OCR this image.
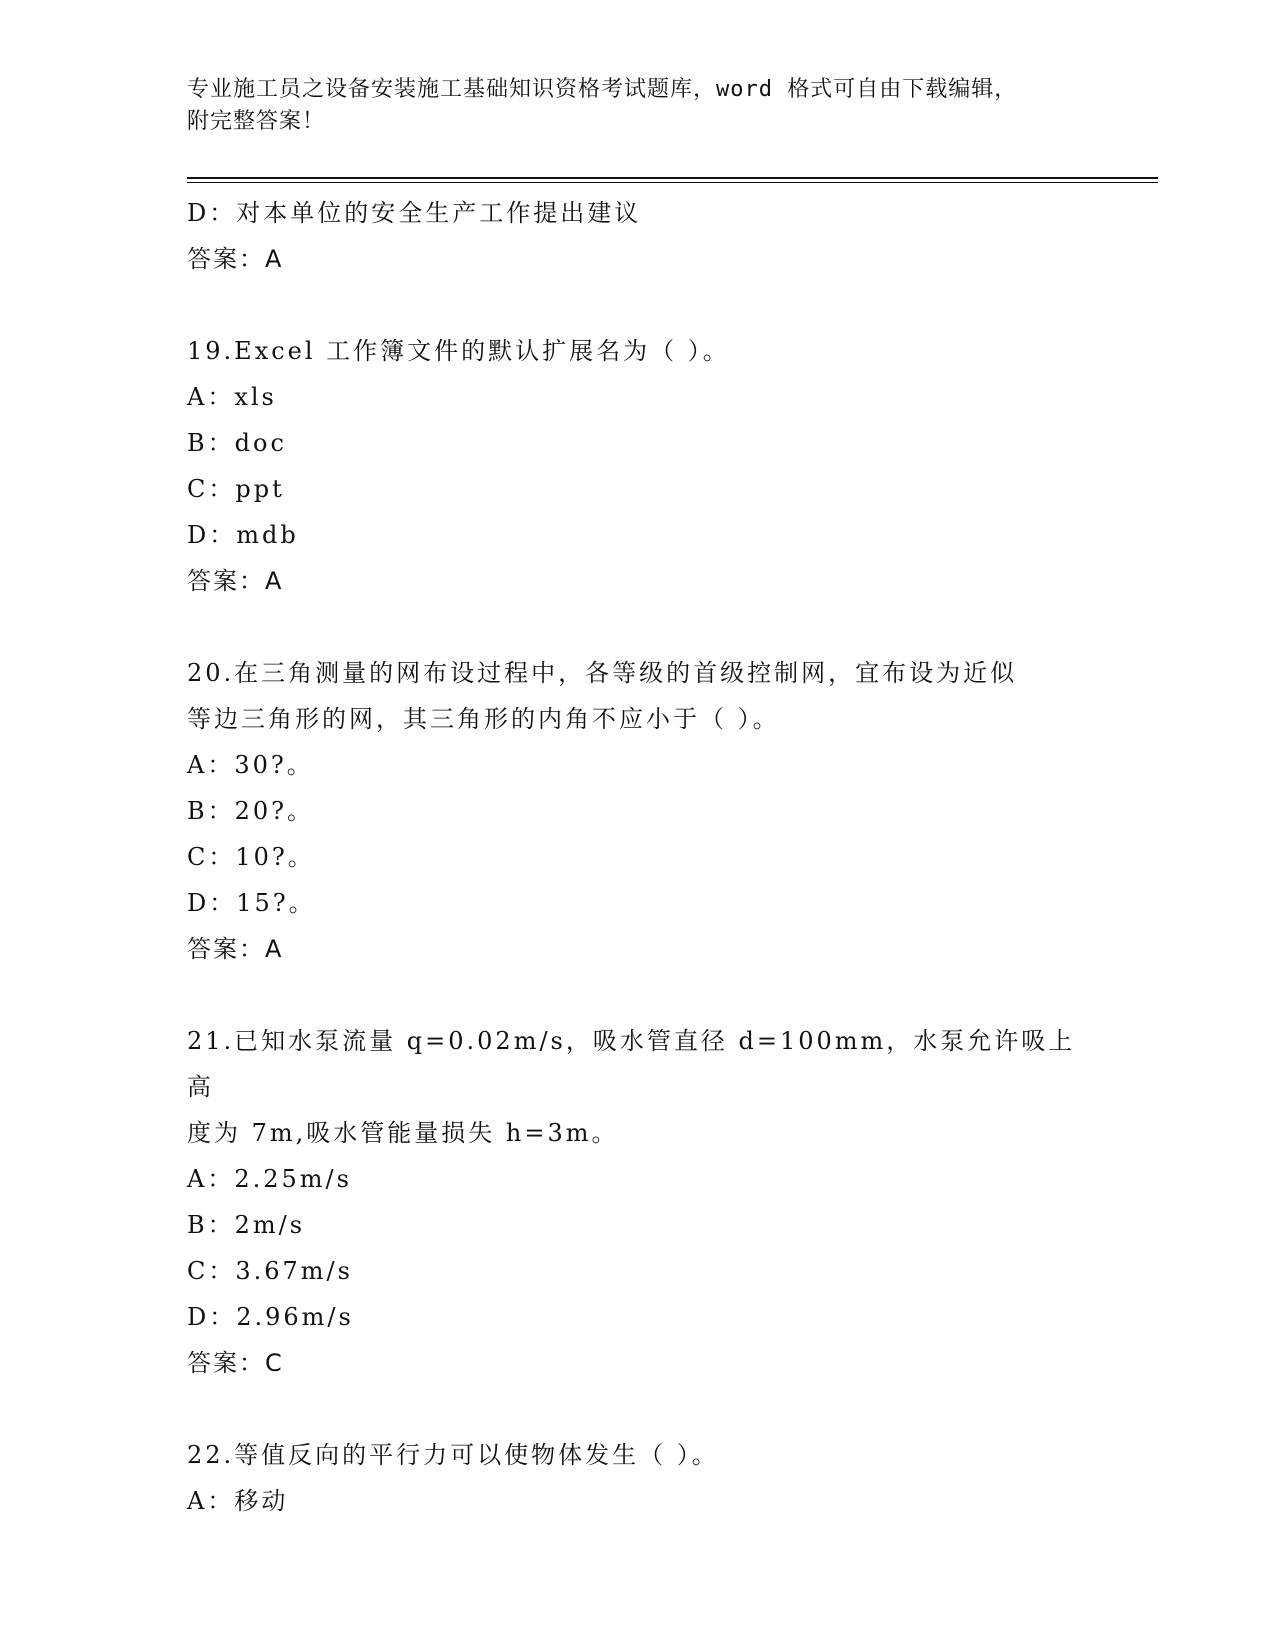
专业施工员之设备安装施工基础知识资格考试题库，word 格式可自由下载编辑，
附完整答案！
D：对本单位的安全生产工作提出建议
答案：A
19.Excel 工作簿文件的默认扩展名为（ ）。
A：xls
B：doc
C：ppt
D：mdb
答案：A
20.在三角测量的网布设过程中，各等级的首级控制网，宜布设为近似
等边三角形的网，其三角形的内角不应小于（ ）。
A：30?。
B：20?。
C：10?。
D：15?。
答案：A
21.已知水泵流量 q=0.02m/s，吸水管直径 d=100mm，水泵允许吸上高
度为 7m,吸水管能量损失 h=3m。
A：2.25m/s
B：2m/s
C：3.67m/s
D：2.96m/s
答案：C
22.等值反向的平行力可以使物体发生（ ）。
A：移动
